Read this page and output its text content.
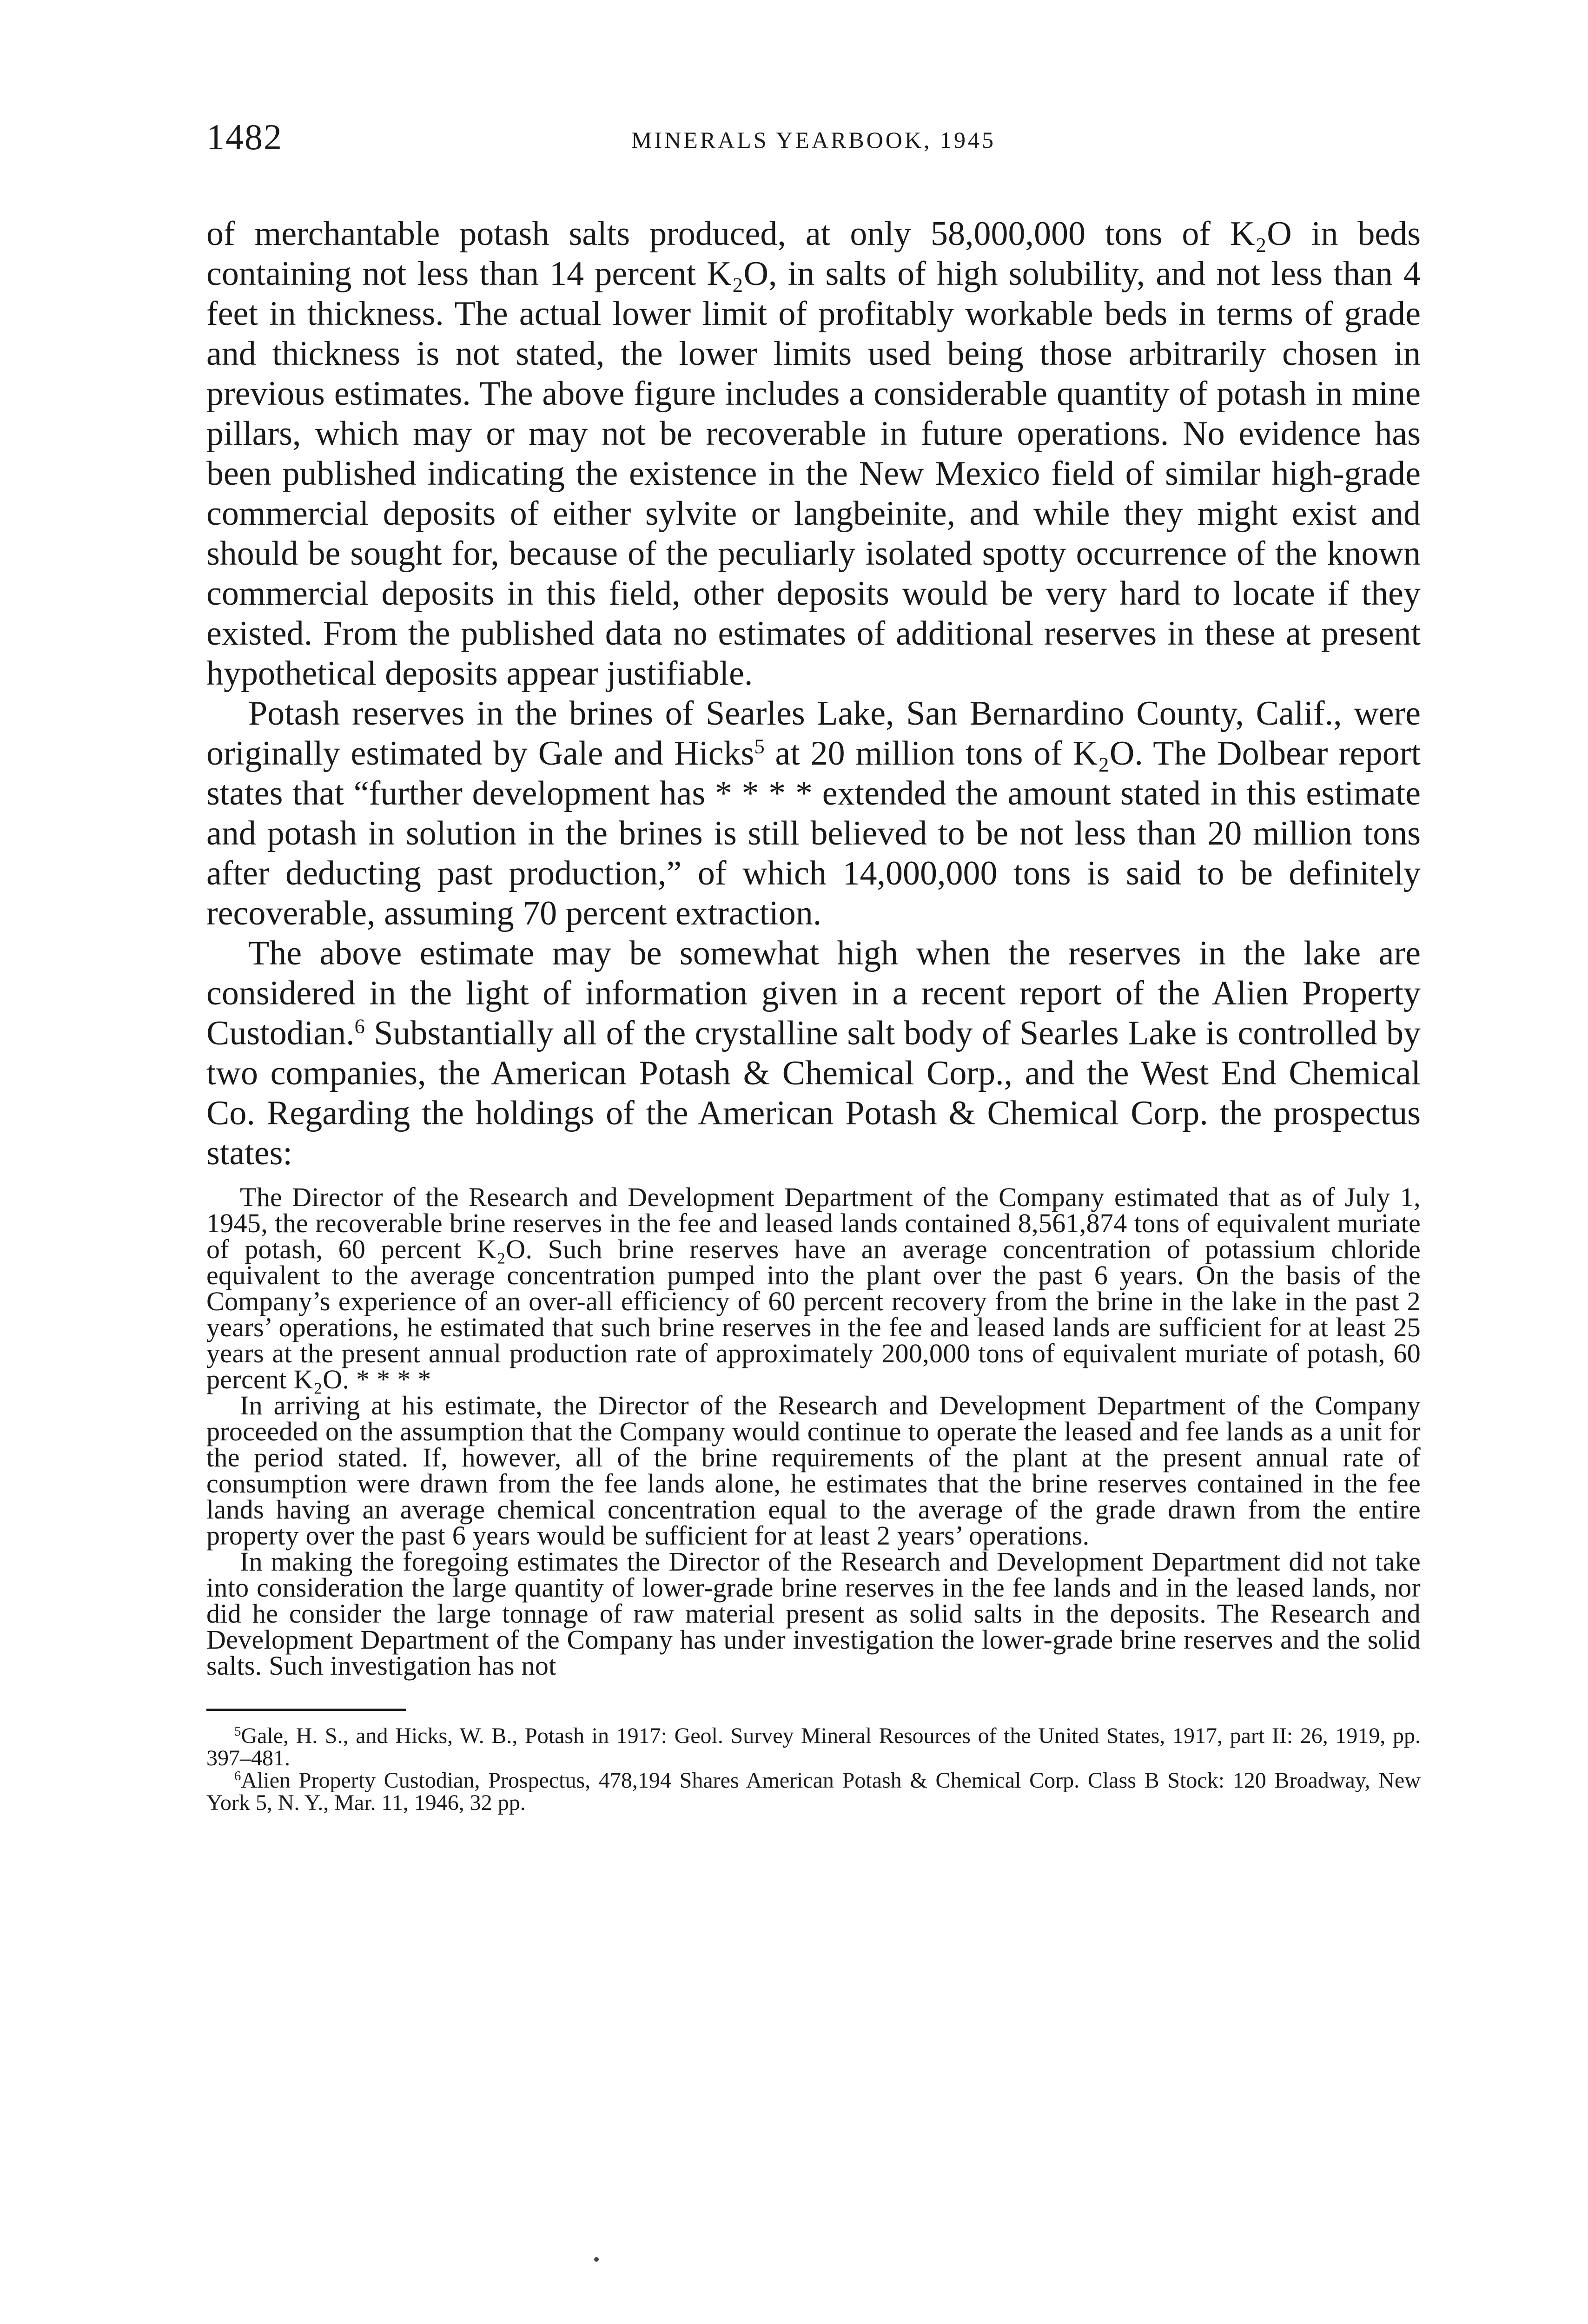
1482	MINERALS YEARBOOK, 1945

of merchantable potash salts produced, at only 58,000,000 tons of K₂O in beds containing not less than 14 percent K₂O, in salts of high solubility, and not less than 4 feet in thickness. The actual lower limit of profitably workable beds in terms of grade and thickness is not stated, the lower limits used being those arbitrarily chosen in previous estimates. The above figure includes a considerable quantity of potash in mine pillars, which may or may not be recoverable in future operations. No evidence has been published indicating the existence in the New Mexico field of similar high-grade commercial deposits of either sylvite or langbeinite, and while they might exist and should be sought for, because of the peculiarly isolated spotty occurrence of the known commercial deposits in this field, other deposits would be very hard to locate if they existed. From the published data no estimates of additional reserves in these at present hypothetical deposits appear justifiable.

Potash reserves in the brines of Searles Lake, San Bernardino County, Calif., were originally estimated by Gale and Hicks$^5$ at 20 million tons of K₂O. The Dolbear report states that “further development has * * * * extended the amount stated in this estimate and potash in solution in the brines is still believed to be not less than 20 million tons after deducting past production,” of which 14,000,000 tons is said to be definitely recoverable, assuming 70 percent extraction.

The above estimate may be somewhat high when the reserves in the lake are considered in the light of information given in a recent report of the Alien Property Custodian.$^6$ Substantially all of the crystalline salt body of Searles Lake is controlled by two companies, the American Potash & Chemical Corp., and the West End Chemical Co. Regarding the holdings of the American Potash & Chemical Corp. the prospectus states:

The Director of the Research and Development Department of the Company estimated that as of July 1, 1945, the recoverable brine reserves in the fee and leased lands contained 8,561,874 tons of equivalent muriate of potash, 60 percent K₂O. Such brine reserves have an average concentration of potassium chloride equivalent to the average concentration pumped into the plant over the past 6 years. On the basis of the Company’s experience of an over-all efficiency of 60 percent recovery from the brine in the lake in the past 2 years’ operations, he estimated that such brine reserves in the fee and leased lands are sufficient for at least 25 years at the present annual production rate of approximately 200,000 tons of equivalent muriate of potash, 60 percent K₂O. * * * *

In arriving at his estimate, the Director of the Research and Development Department of the Company proceeded on the assumption that the Company would continue to operate the leased and fee lands as a unit for the period stated. If, however, all of the brine requirements of the plant at the present annual rate of consumption were drawn from the fee lands alone, he estimates that the brine reserves contained in the fee lands having an average chemical concentration equal to the average of the grade drawn from the entire property over the past 6 years would be sufficient for at least 2 years’ operations.

In making the foregoing estimates the Director of the Research and Development Department did not take into consideration the large quantity of lower-grade brine reserves in the fee lands and in the leased lands, nor did he consider the large tonnage of raw material present as solid salts in the deposits. The Research and Development Department of the Company has under investigation the lower-grade brine reserves and the solid salts. Such investigation has not

$^5$Gale, H. S., and Hicks, W. B., Potash in 1917: Geol. Survey Mineral Resources of the United States, 1917, part II: 26, 1919, pp. 397–481.

$^6$Alien Property Custodian, Prospectus, 478,194 Shares American Potash & Chemical Corp. Class B Stock: 120 Broadway, New York 5, N. Y., Mar. 11, 1946, 32 pp.
